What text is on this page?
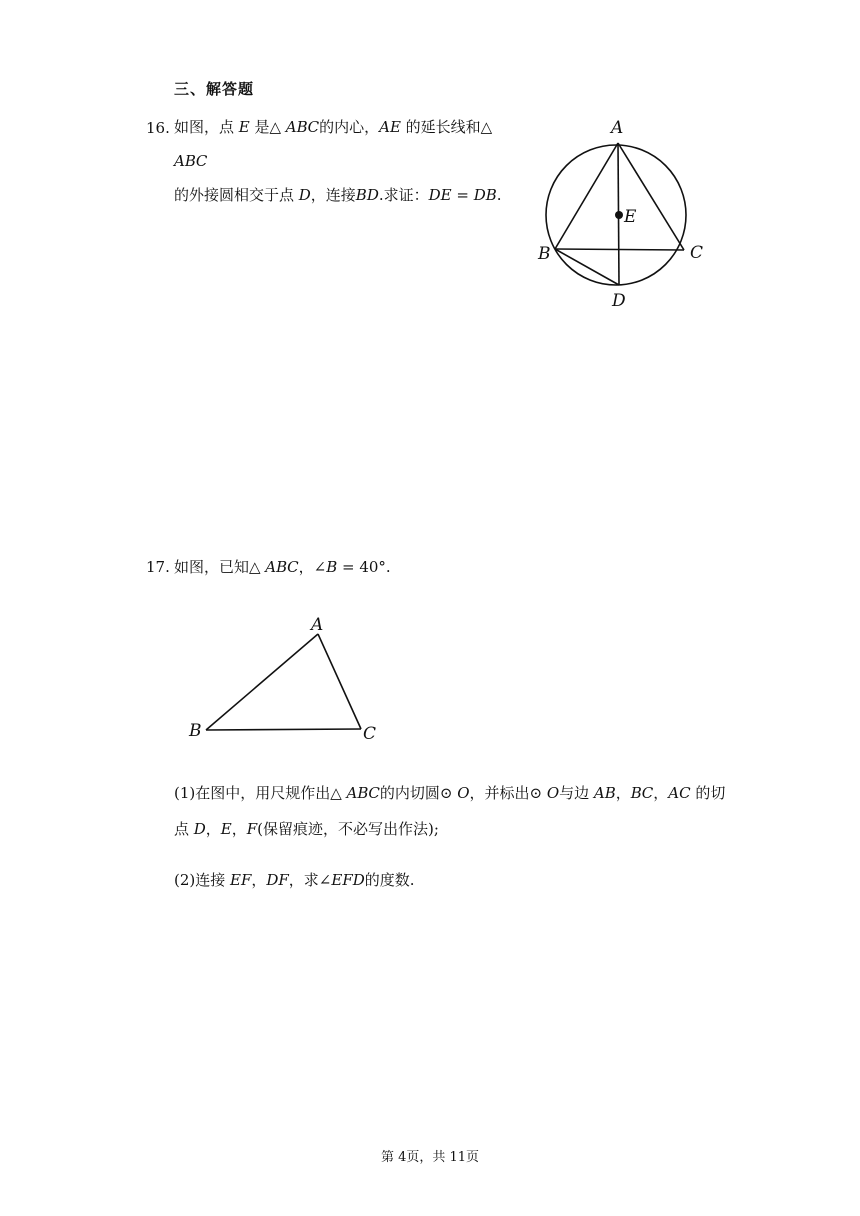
三、解答题
16. 如图，点 𝐸 是△ 𝐴𝐵𝐶的内心，𝐴𝐸 的延长线和△ 𝐴𝐵𝐶
的外接圆相交于点 𝐷，连接𝐵𝐷.求证：𝐷𝐸 = 𝐷𝐵.
A
B	C
D
E
17. 如图，已知△ 𝐴𝐵𝐶，∠𝐵 = 40°.
A
B	C
(1)在图中，用尺规作出△ 𝐴𝐵𝐶的内切圆⊙ 𝑂，并标出⊙ 𝑂与边 𝐴𝐵，𝐵𝐶，𝐴𝐶 的切
点 𝐷，𝐸，𝐹(保留痕迹，不必写出作法);
(2)连接 𝐸𝐹，𝐷𝐹，求∠𝐸𝐹𝐷的度数.
第 4页，共 11页
